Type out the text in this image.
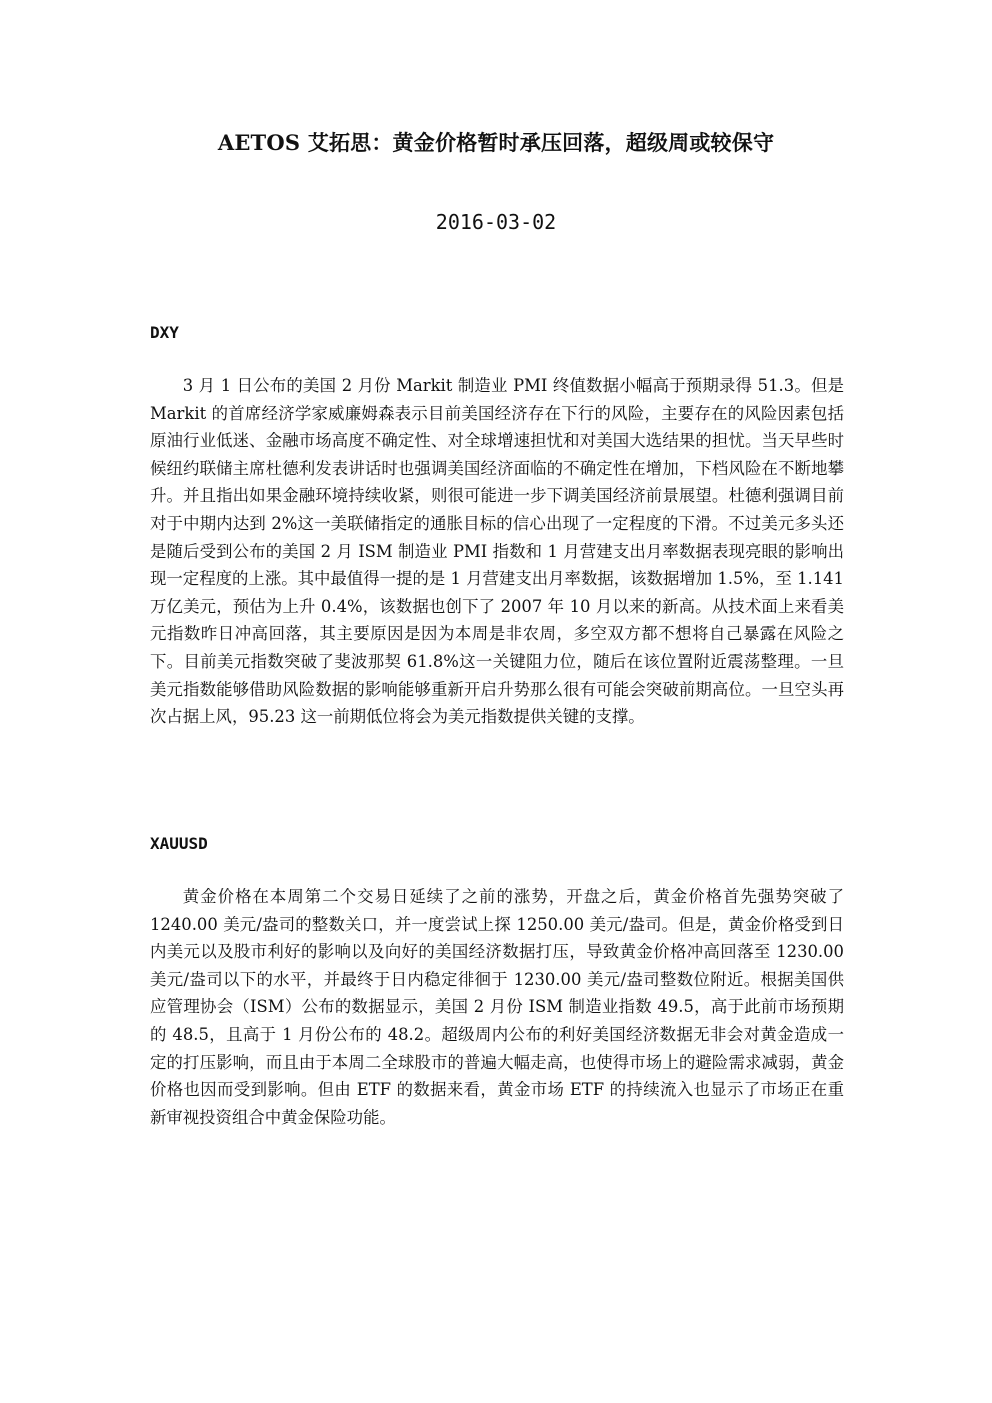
AETOS 艾拓思：黄金价格暂时承压回落，超级周或较保守
2016-03-02

DXY

3 月 1 日公布的美国 2 月份 Markit 制造业 PMI 终值数据小幅高于预期录得 51.3。但是 Markit 的首席经济学家威廉姆森表示目前美国经济存在下行的风险，主要存在的风险因素包括原油行业低迷、金融市场高度不确定性、对全球增速担忧和对美国大选结果的担忧。当天早些时候纽约联储主席杜德利发表讲话时也强调美国经济面临的不确定性在增加，下档风险在不断地攀升。并且指出如果金融环境持续收紧，则很可能进一步下调美国经济前景展望。杜德利强调目前对于中期内达到 2%这一美联储指定的通胀目标的信心出现了一定程度的下滑。不过美元多头还是随后受到公布的美国 2 月 ISM 制造业 PMI 指数和 1 月营建支出月率数据表现亮眼的影响出现一定程度的上涨。其中最值得一提的是 1 月营建支出月率数据，该数据增加 1.5%，至 1.141 万亿美元，预估为上升 0.4%，该数据也创下了 2007 年 10 月以来的新高。从技术面上来看美元指数昨日冲高回落，其主要原因是因为本周是非农周，多空双方都不想将自己暴露在风险之下。目前美元指数突破了斐波那契 61.8%这一关键阻力位，随后在该位置附近震荡整理。一旦美元指数能够借助风险数据的影响能够重新开启升势那么很有可能会突破前期高位。一旦空头再次占据上风，95.23 这一前期低位将会为美元指数提供关键的支撑。

XAUUSD

黄金价格在本周第二个交易日延续了之前的涨势，开盘之后，黄金价格首先强势突破了 1240.00 美元/盎司的整数关口，并一度尝试上探 1250.00 美元/盎司。但是，黄金价格受到日内美元以及股市利好的影响以及向好的美国经济数据打压，导致黄金价格冲高回落至 1230.00 美元/盎司以下的水平，并最终于日内稳定徘徊于 1230.00 美元/盎司整数位附近。根据美国供应管理协会（ISM）公布的数据显示，美国 2 月份 ISM 制造业指数 49.5，高于此前市场预期的 48.5，且高于 1 月份公布的 48.2。超级周内公布的利好美国经济数据无非会对黄金造成一定的打压影响，而且由于本周二全球股市的普遍大幅走高，也使得市场上的避险需求减弱，黄金价格也因而受到影响。但由 ETF 的数据来看，黄金市场 ETF 的持续流入也显示了市场正在重新审视投资组合中黄金保险功能。
